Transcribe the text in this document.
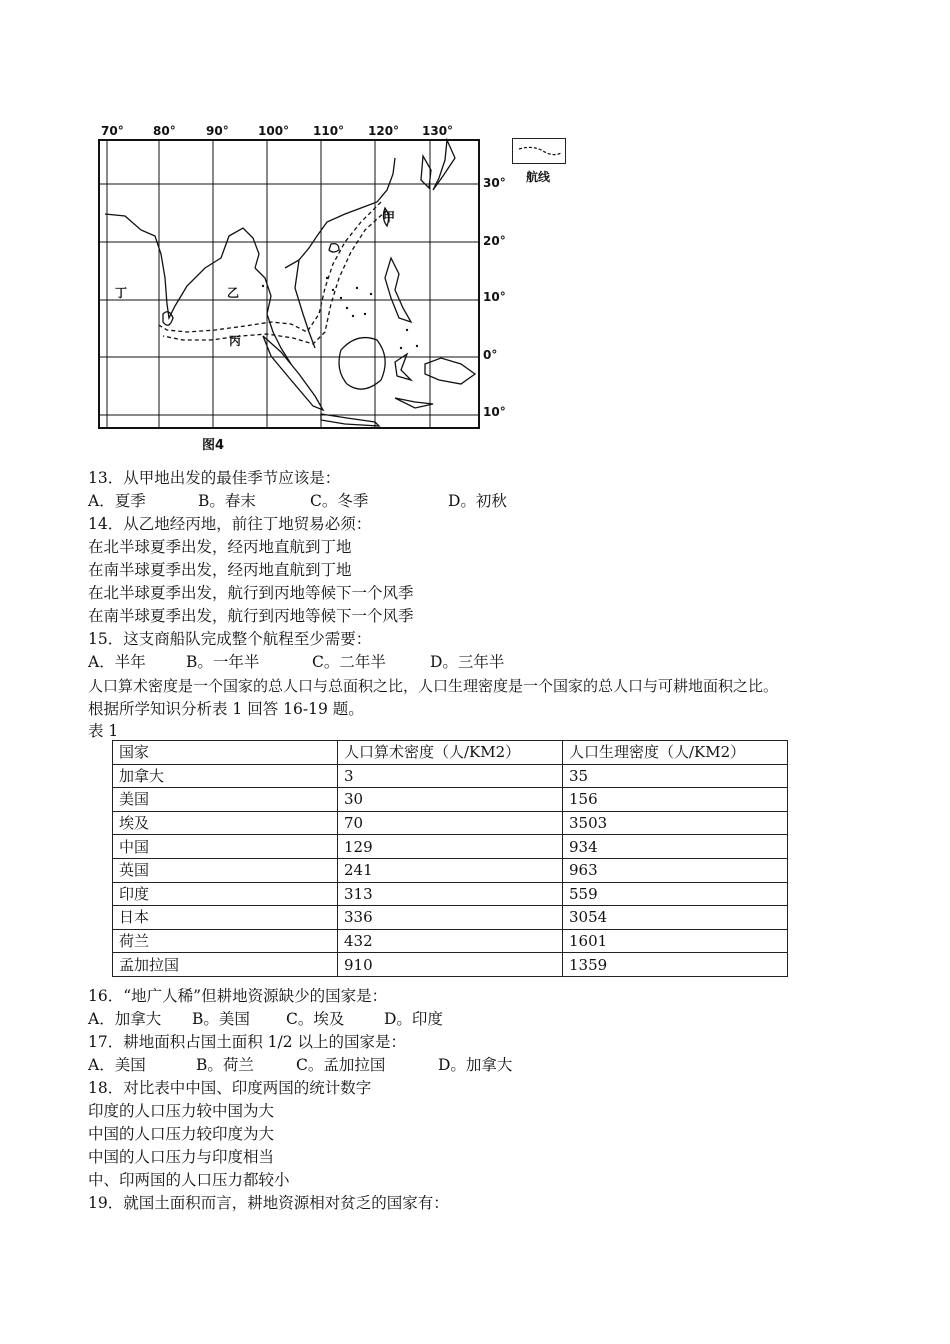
70° 80°	90° 100° 110° 120° 130°
30°
20°
10°
0°
10°
甲
乙
丙
丁
航线
图4
13．从甲地出发的最佳季节应该是：
A．夏季	B。春末	C。冬季	D。初秋
14．从乙地经丙地，前往丁地贸易必须：
在北半球夏季出发，经丙地直航到丁地
在南半球夏季出发，经丙地直航到丁地
在北半球夏季出发，航行到丙地等候下一个风季
在南半球夏季出发，航行到丙地等候下一个风季
15．这支商船队完成整个航程至少需要：
A．半年	B。一年半	C。二年半	D。三年半
人口算术密度是一个国家的总人口与总面积之比，人口生理密度是一个国家的总人口与可耕地面积之比。
根据所学知识分析表 1 回答 16-19 题。
表 1
国家	人口算术密度（人/KM2）	人口生理密度（人/KM2）
加拿大	3	35
美国	30	156
埃及	70	3503
中国	129	934
英国	241	963
印度	313	559
日本	336	3054
荷兰	432	1601
孟加拉国	910	1359
16．“地广人稀”但耕地资源缺少的国家是：
A．加拿大	B。美国	C。埃及	D。印度
17．耕地面积占国土面积 1/2 以上的国家是：
A．美国	B。荷兰	C。孟加拉国	D。加拿大
18．对比表中中国、印度两国的统计数字
印度的人口压力较中国为大
中国的人口压力较印度为大
中国的人口压力与印度相当
中、印两国的人口压力都较小
19．就国土面积而言，耕地资源相对贫乏的国家有：
